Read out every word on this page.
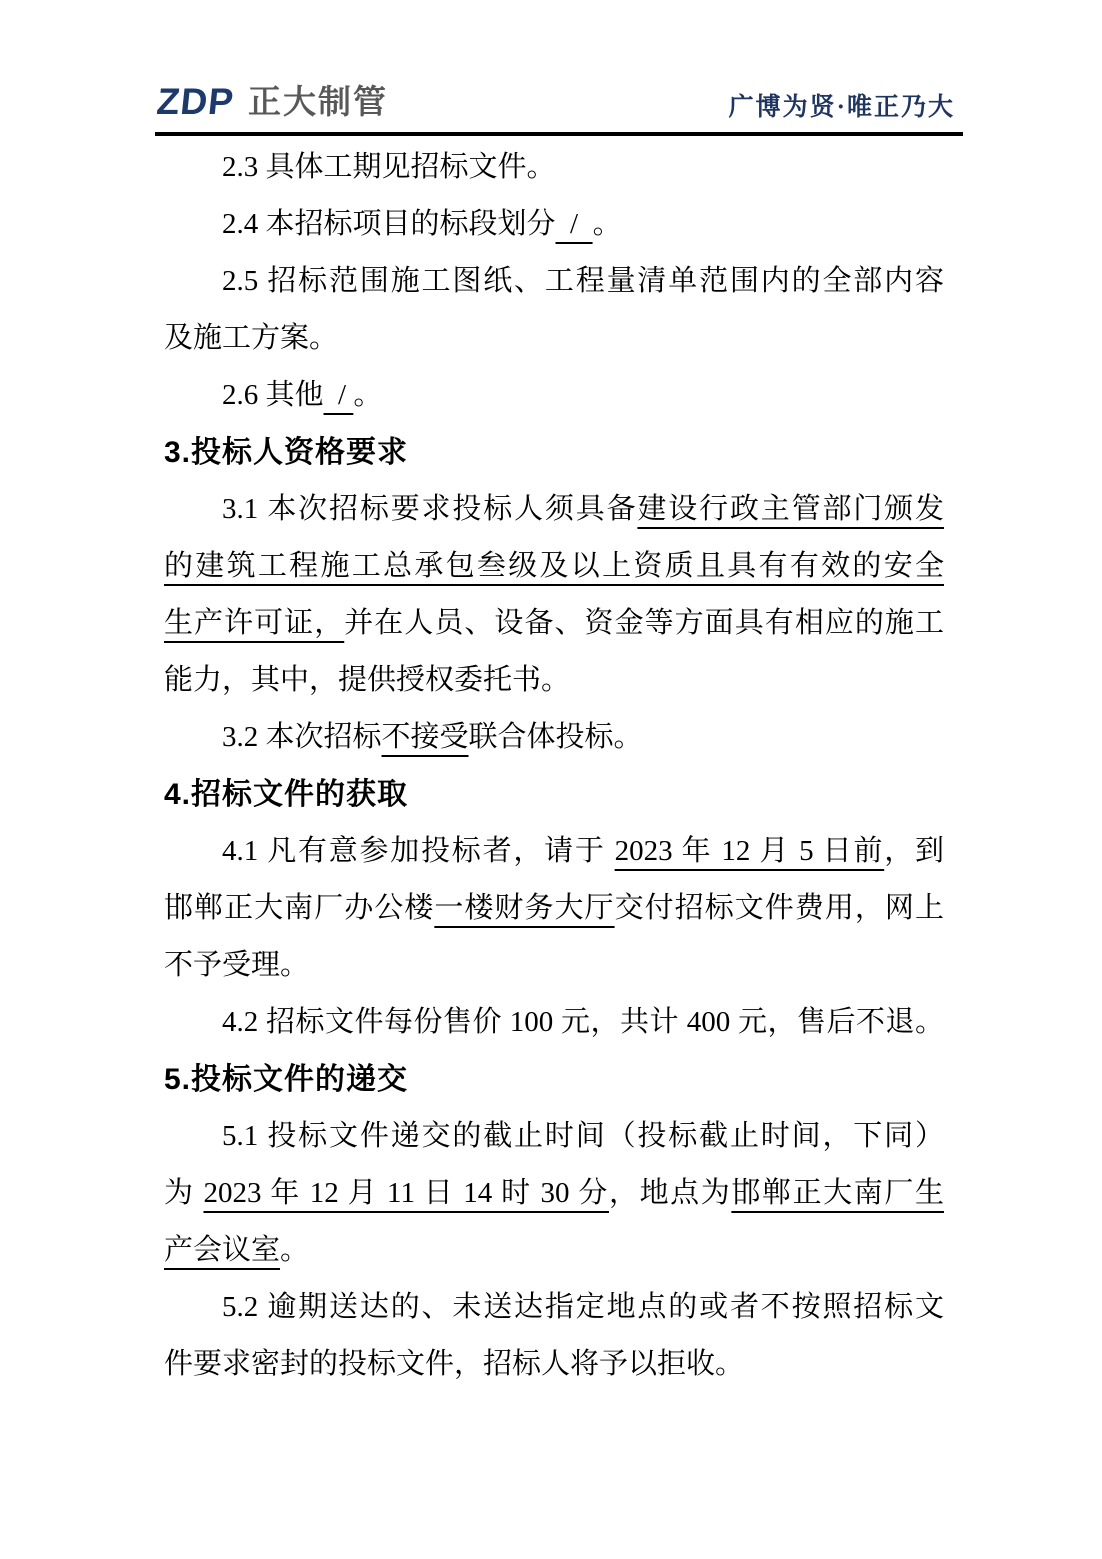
ZDP 正大制管	广博为贤·唯正乃大
2.3 具体工期见招标文件。
2.4 本招标项目的标段划分  /  。
2.5 招标范围施工图纸、工程量清单范围内的全部内容
及施工方案。
2.6 其他  / 。
3.投标人资格要求
3.1 本次招标要求投标人须具备建设行政主管部门颁发
的建筑工程施工总承包叁级及以上资质且具有有效的安全
生产许可证，并在人员、设备、资金等方面具有相应的施工
能力，其中，提供授权委托书。
3.2 本次招标不接受联合体投标。
4.招标文件的获取
4.1 凡有意参加投标者，请于 2023 年 12 月 5 日前，到
邯郸正大南厂办公楼一楼财务大厅交付招标文件费用，网上
不予受理。
4.2 招标文件每份售价 100 元，共计 400 元，售后不退。
5.投标文件的递交
5.1 投标文件递交的截止时间（投标截止时间，下同）
为 2023 年 12 月 11 日 14 时 30 分，地点为邯郸正大南厂生
产会议室。
5.2 逾期送达的、未送达指定地点的或者不按照招标文
件要求密封的投标文件，招标人将予以拒收。
